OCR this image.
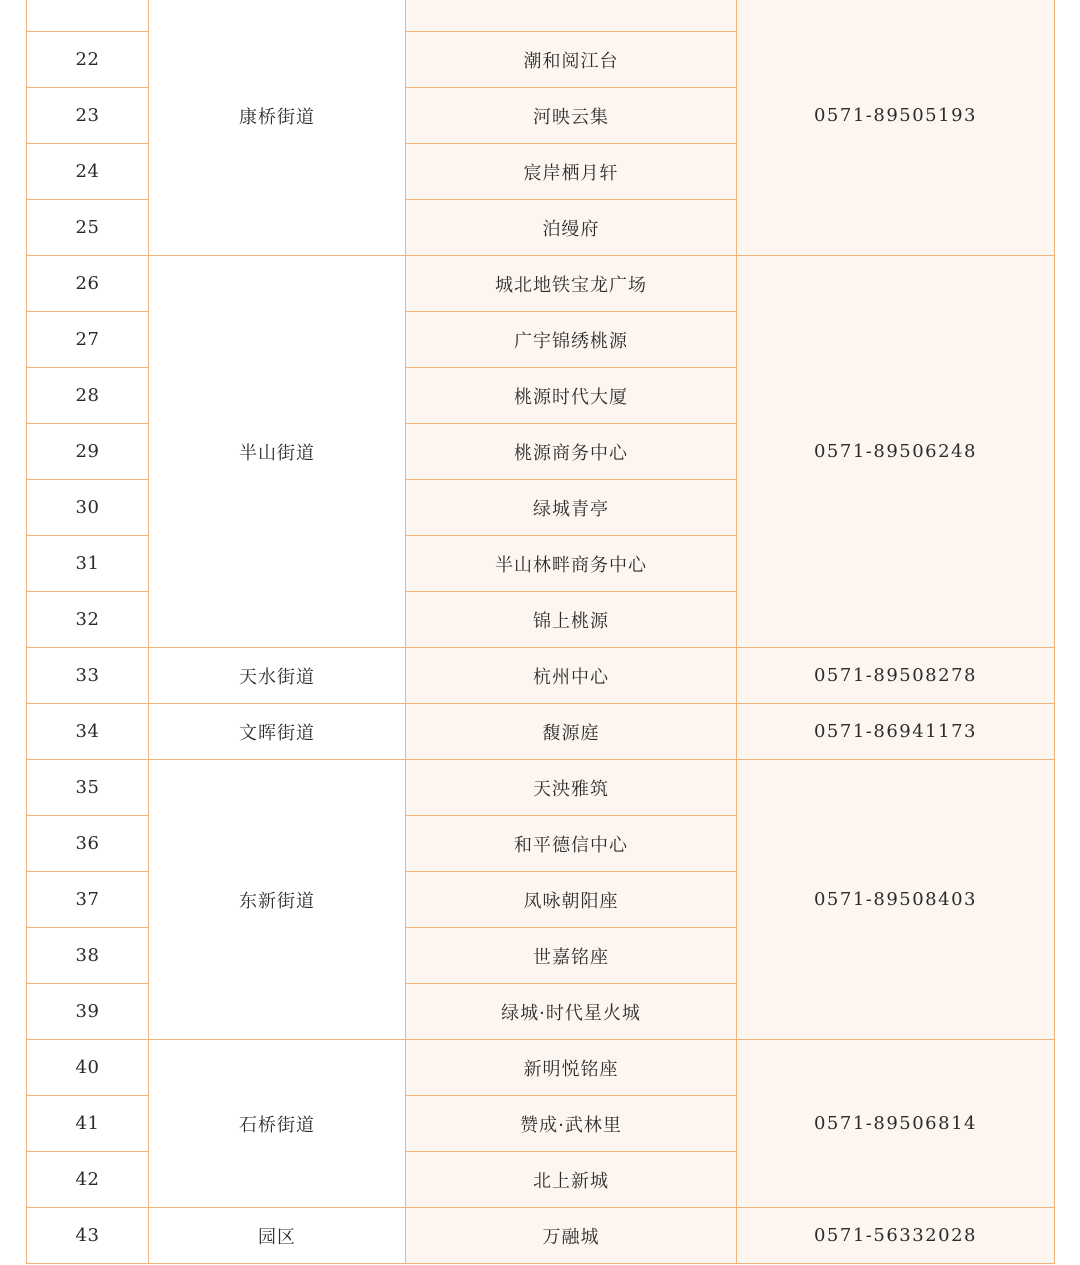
	康桥街道		0571-89505193
22		潮和阅江台	
23		河映云集	
24		宸岸栖月轩	
25		泊缦府	
26	半山街道	城北地铁宝龙广场	0571-89506248
27		广宇锦绣桃源	
28		桃源时代大厦	
29		桃源商务中心	
30		绿城青亭	
31		半山林畔商务中心	
32		锦上桃源	
33	天水街道	杭州中心	0571-89508278
34	文晖街道	馥源庭	0571-86941173
35	东新街道	天泱雅筑	0571-89508403
36		和平德信中心	
37		凤咏朝阳座	
38		世嘉铭座	
39		绿城·时代星火城	
40	石桥街道	新明悦铭座	0571-89506814
41		赞成·武林里	
42		北上新城	
43	园区	万融城	0571-56332028
